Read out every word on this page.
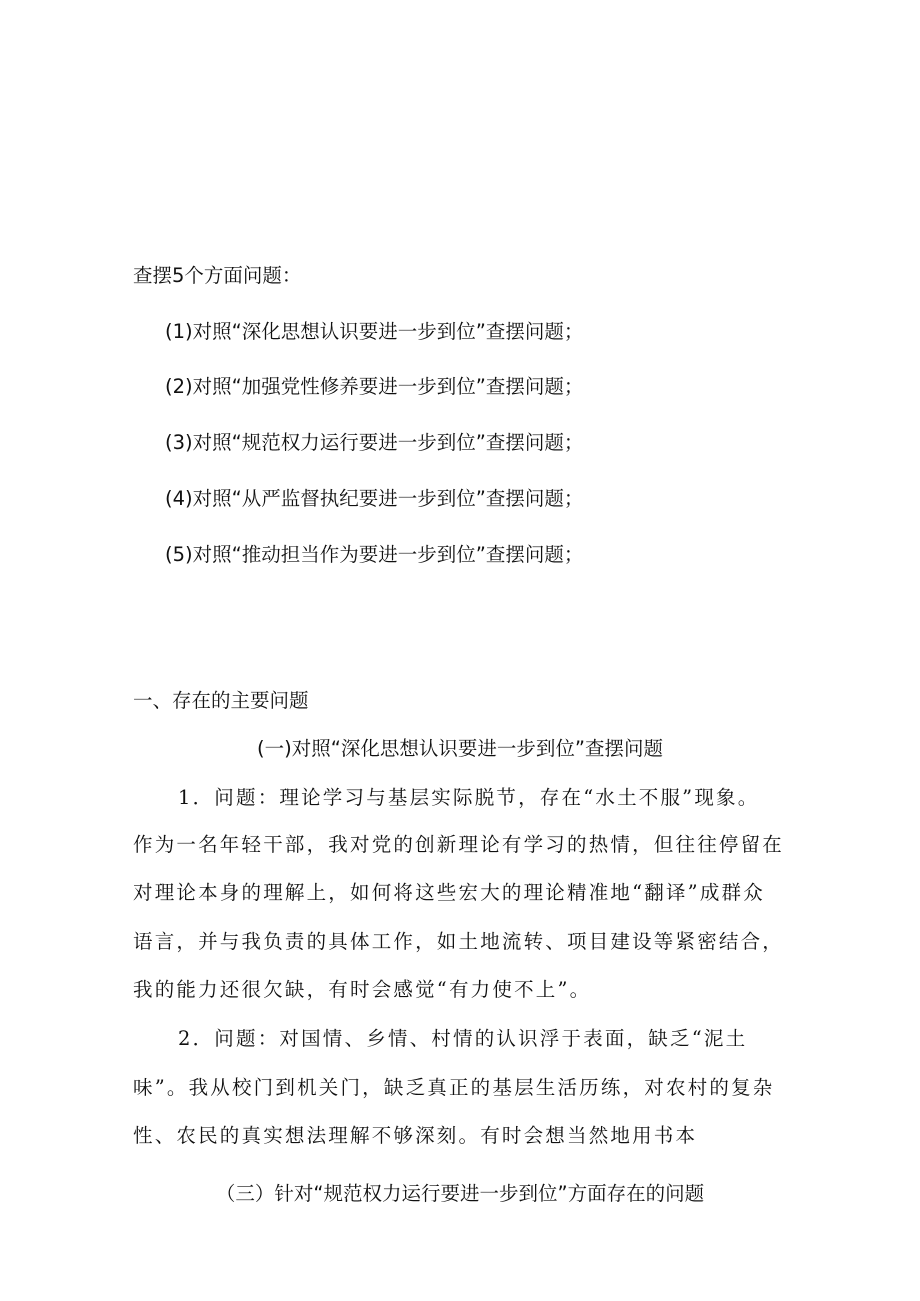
查摆5个方面问题：
(1)对照“深化思想认识要进一步到位”查摆问题；
(2)对照“加强党性修养要进一步到位”查摆问题；
(3)对照“规范权力运行要进一步到位”查摆问题；
(4)对照“从严监督执纪要进一步到位”查摆问题；
(5)对照“推动担当作为要进一步到位”查摆问题；
一、存在的主要问题
(一)对照“深化思想认识要进一步到位”查摆问题
1．问题：理论学习与基层实际脱节，存在“水土不服”现象。
作为一名年轻干部，我对党的创新理论有学习的热情，但往往停留在
对理论本身的理解上，如何将这些宏大的理论精准地“翻译”成群众
语言，并与我负责的具体工作，如土地流转、项目建设等紧密结合，
我的能力还很欠缺，有时会感觉“有力使不上”。
2．问题：对国情、乡情、村情的认识浮于表面，缺乏“泥土
味”。我从校门到机关门，缺乏真正的基层生活历练，对农村的复杂
性、农民的真实想法理解不够深刻。有时会想当然地用书本
（三）针对“规范权力运行要进一步到位”方面存在的问题
